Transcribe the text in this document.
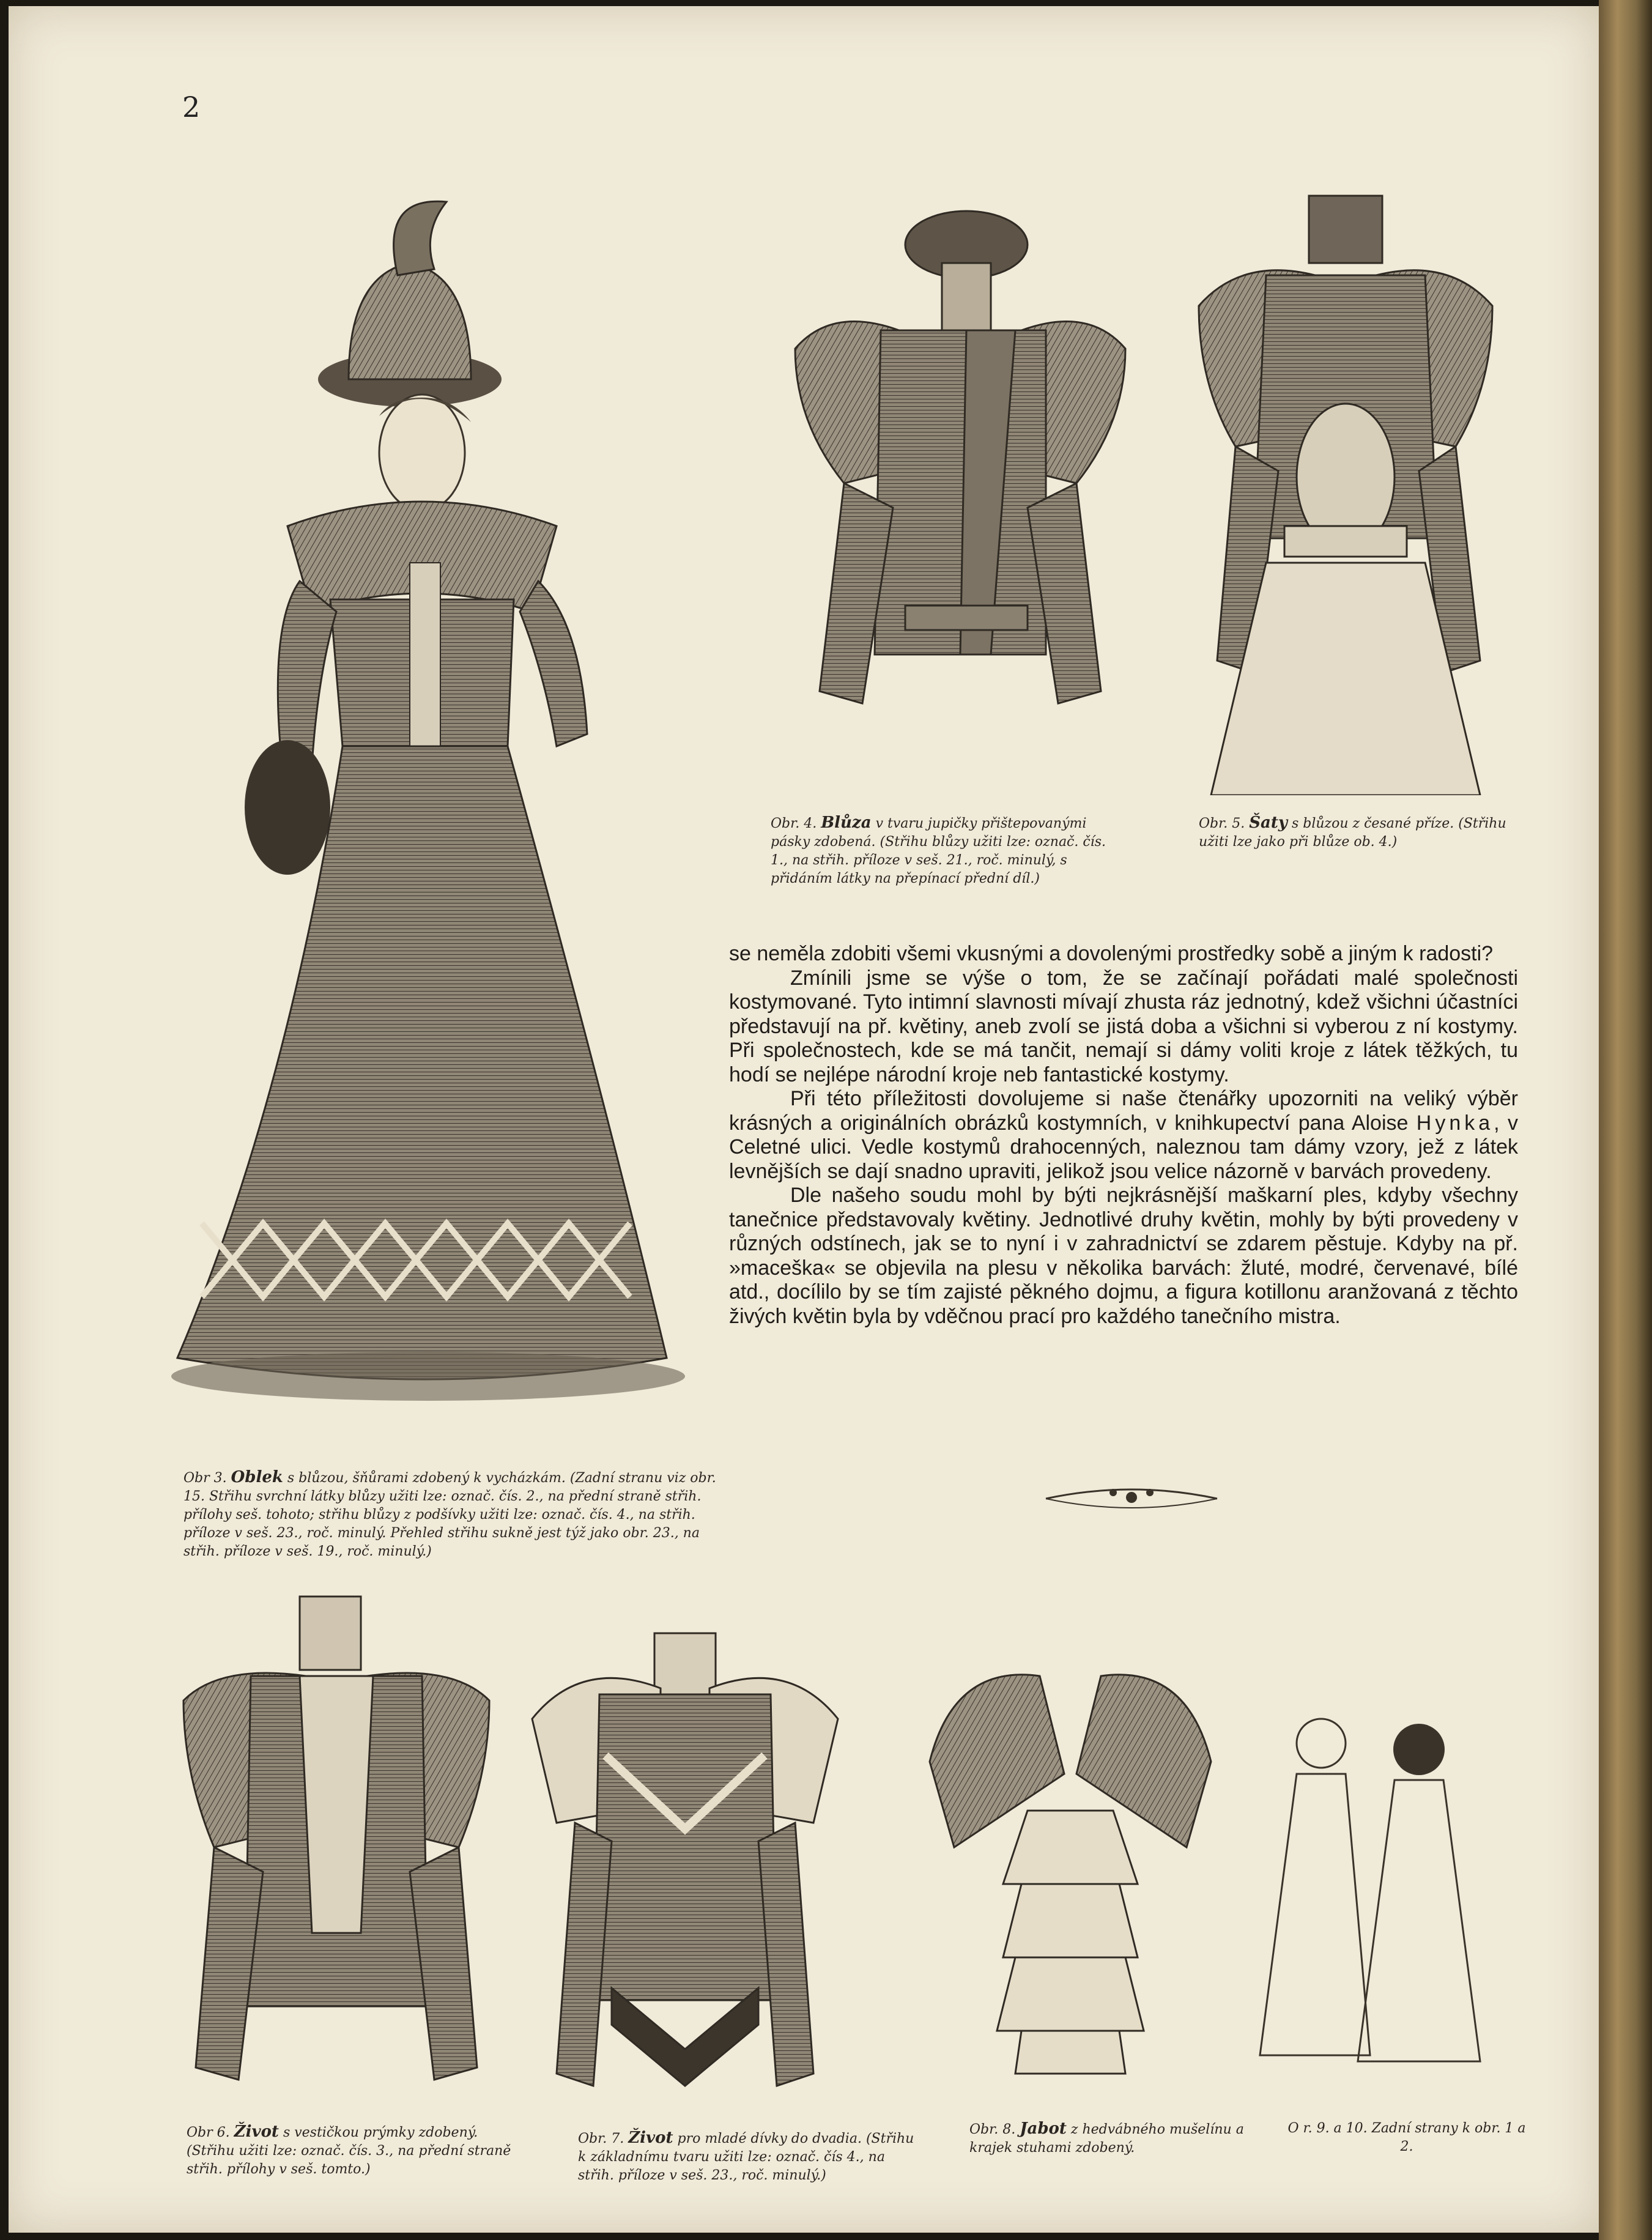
2
Obr. 4. Blůza v tvaru jupičky přištepovanými pásky zdobená. (Střihu blůzy užiti lze: označ. čís. 1., na střih. příloze v seš. 21., roč. minulý, s přidáním látky na přepínací přední díl.)
Obr. 5. Šaty s blůzou z česané příze. (Střihu užiti lze jako při blůze ob. 4.)

se neměla zdobiti všemi vkusnými a dovolenými prostředky sobě a jiným k radosti?

Zmínili jsme se výše o tom, že se začínají pořádati malé společnosti kostymované. Tyto intimní slavnosti mívají zhusta ráz jednotný, kdež všichni účastníci představují na př. květiny, aneb zvolí se jistá doba a všichni si vyberou z ní kostymy. Při společnostech, kde se má tančit, nemají si dámy voliti kroje z látek těžkých, tu hodí se nejlépe národní kroje neb fantastické kostymy.

Při této příležitosti dovolujeme si naše čtenářky upozorniti na veliký výběr krásných a originálních obrázků kostymních, v knihkupectví pana Aloise Hynka, v Celetné ulici. Vedle kostymů drahocenných, naleznou tam dámy vzory, jež z látek levnějších se dají snadno upraviti, jelikož jsou velice názorně v barvách provedeny.

Dle našeho soudu mohl by býti nejkrásnější maškarní ples, kdyby všechny tanečnice představovaly květiny. Jednotlivé druhy květin, mohly by býti provedeny v různých odstínech, jak se to nyní i v zahradnictví se zdarem pěstuje. Kdyby na př. »maceška« se objevila na plesu v několika barvách: žluté, modré, červenavé, bílé atd., docílilo by se tím zajisté pěkného dojmu, a figura kotillonu aranžovaná z těchto živých květin byla by vděčnou prací pro každého tanečního mistra.

Obr 3. Oblek s blůzou, šňůrami zdobený k vycházkám. (Zadní stranu viz obr. 15. Střihu svrchní látky blůzy užiti lze: označ. čís. 2., na přední straně střih. přílohy seš. tohoto; střihu blůzy z podšívky užiti lze: označ. čís. 4., na střih. příloze v seš. 23., roč. minulý. Přehled střihu sukně jest týž jako obr. 23., na střih. příloze v seš. 19., roč. minulý.)
Obr 6. Život s vestičkou prýmky zdobený. (Střihu užiti lze: označ. čís. 3., na přední straně střih. přílohy v seš. tomto.)
Obr. 7. Život pro mladé dívky do dvadia. (Střihu k základnímu tvaru užiti lze: označ. čís 4., na střih. příloze v seš. 23., roč. minulý.)
Obr. 8. Jabot z hedvábného mušelínu a krajek stuhami zdobený.
O r. 9. a 10. Zadní strany k obr. 1 a 2.
